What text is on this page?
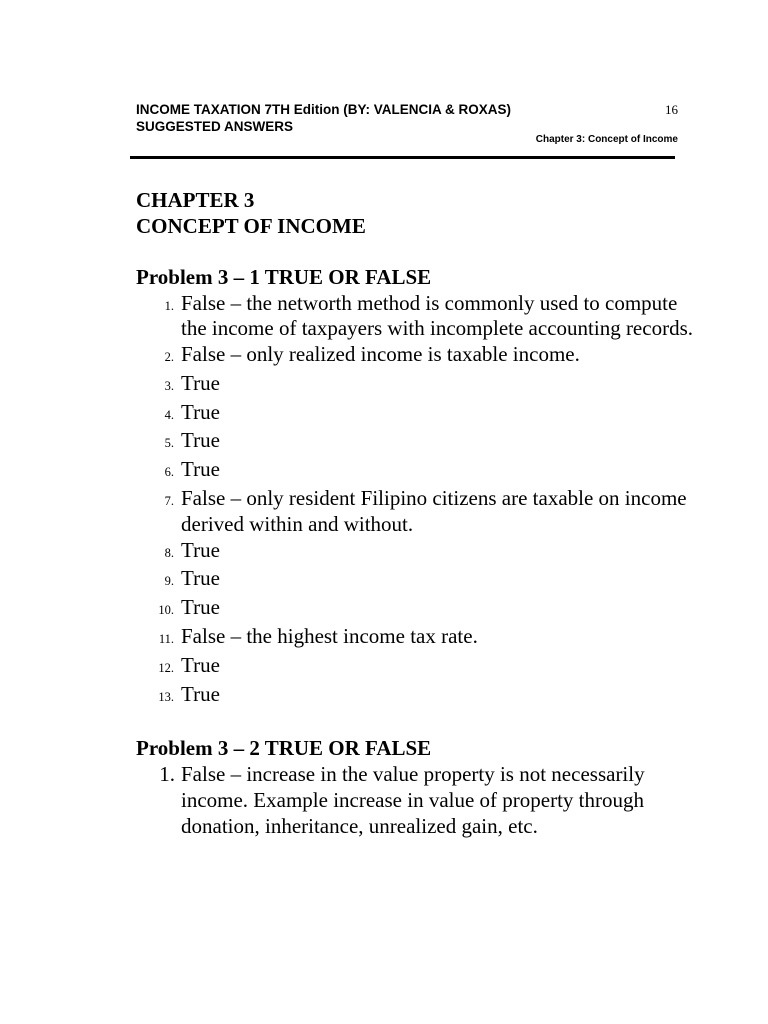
INCOME TAXATION 7TH Edition (BY: VALENCIA & ROXAS)
SUGGESTED ANSWERS
16
Chapter 3: Concept of Income

CHAPTER 3

CONCEPT OF INCOME

Problem 3 – 1 TRUE OR FALSE

1. False – the networth method is commonly used to compute the income of taxpayers with incomplete accounting records.
2. False – only realized income is taxable income.
3. True
4. True
5. True
6. True
7. False – only resident Filipino citizens are taxable on income derived within and without.
8. True
9. True
10. True
11. False – the highest income tax rate.
12. True
13. True

Problem 3 – 2 TRUE OR FALSE

1. False – increase in the value property is not necessarily income. Example increase in value of property through donation, inheritance, unrealized gain, etc.
